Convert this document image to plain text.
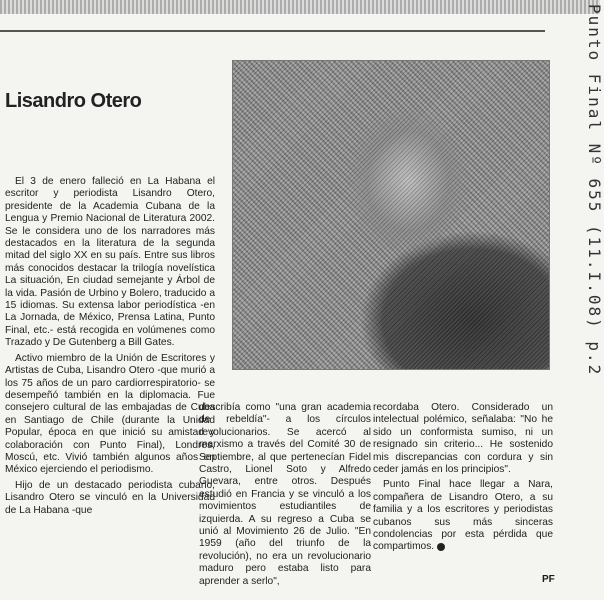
Lisandro Otero

El 3 de enero falleció en La Habana el escritor y periodista Lisandro Otero, presidente de la Academia Cubana de la Lengua y Premio Nacional de Literatura 2002. Se le considera uno de los narradores más destacados en la literatura de la segunda mitad del siglo XX en su país. Entre sus libros más conocidos destacar la trilogía novelística La situación, En ciudad semejante y Árbol de la vida. Pasión de Urbino y Bolero, traducido a 15 idiomas. Su extensa labor periodística -en La Jornada, de México, Prensa Latina, Punto Final, etc.- está recogida en volúmenes como Trazado y De Gutenberg a Bill Gates.

Activo miembro de la Unión de Escritores y Artistas de Cuba, Lisandro Otero -que murió a los 75 años de un paro cardiorrespiratorio- se desempeñó también en la diplomacia. Fue consejero cultural de las embajadas de Cuba en Santiago de Chile (durante la Unidad Popular, época en que inició su amistad y colaboración con Punto Final), Londres, Moscú, etc. Vivió también algunos años en México ejerciendo el periodismo.

Hijo de un destacado periodista cubano, Lisandro Otero se vinculó en la Universidad de La Habana -que

describía como "una gran academia de rebeldía"- a los círculos revolucionarios. Se acercó al marxismo a través del Comité 30 de Septiembre, al que pertenecían Fidel Castro, Lionel Soto y Alfredo Guevara, entre otros. Después estudió en Francia y se vinculó a los movimientos estudiantiles de izquierda. A su regreso a Cuba se unió al Movimiento 26 de Julio. "En 1959 (año del triunfo de la revolución), no era un revolucionario maduro pero estaba listo para aprender a serlo",

recordaba Otero. Considerado un intelectual polémico, señalaba: "No he sido un conformista sumiso, ni un resignado sin criterio... He sostenido mis discrepancias con cordura y sin ceder jamás en los principios".

Punto Final hace llegar a Nara, compañera de Lisandro Otero, a su familia y a los escritores y periodistas cubanos sus más sinceras condolencias por esta pérdida que compartimos.

PF
Punto Final Nº 655 (11.I.08) p.2
